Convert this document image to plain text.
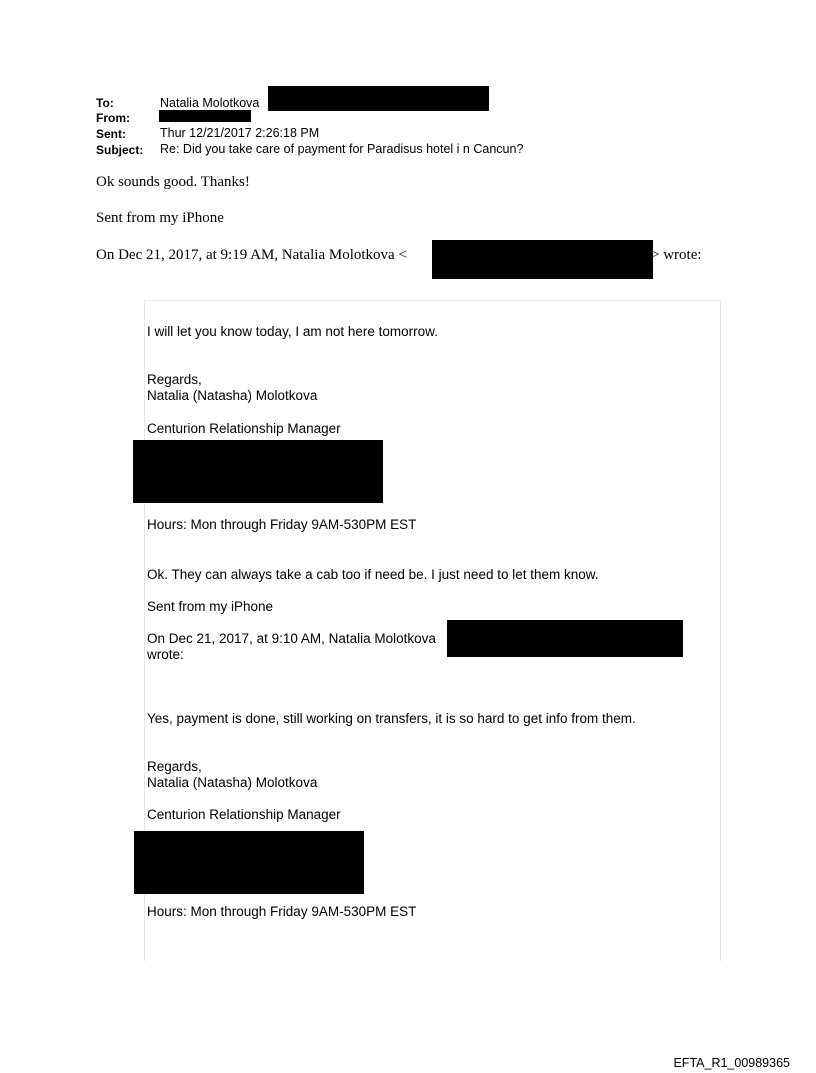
To:	Natalia Molotkova
From:
Sent:	Thur 12/21/2017 2:26:18 PM
Subject: Re: Did you take care of payment for Paradisus hotel i n Cancun?
Ok sounds good. Thanks!
Sent from my iPhone
On Dec 21, 2017, at 9:19 AM, Natalia Molotkova <	> wrote:
I will let you know today, I am not here tomorrow.
Regards,
Natalia (Natasha) Molotkova
Centurion Relationship Manager
Hours: Mon through Friday 9AM-530PM EST
Ok. They can always take a cab too if need be. I just need to let them know.
Sent from my iPhone
On Dec 21, 2017, at 9:10 AM, Natalia Molotkova
wrote:
Yes, payment is done, still working on transfers, it is so hard to get info from them.
Regards,
Natalia (Natasha) Molotkova
Centurion Relationship Manager
Hours: Mon through Friday 9AM-530PM EST
EFTA_R1_00989365
